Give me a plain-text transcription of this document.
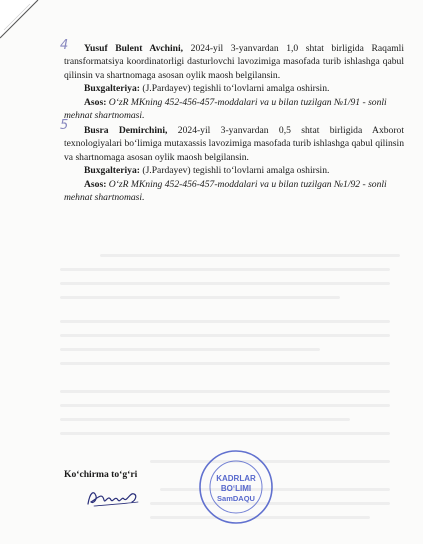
4	Yusuf Bulent Avchini, 2024-yil 3-yanvardan 1,0 shtat birligida Raqamli transformatsiya koordinatorligi dasturlovchi lavozimiga masofada turib ishlashga qabul qilinsin va shartnomaga asosan oylik maosh belgilansin.

Buxgalteriya: (J.Pardayev) tegishli to‘lovlarni amalga oshirsin.

Asos: O‘zR MKning 452-456-457-moddalari va u bilan tuzilgan №1/91 - sonli mehnat shartnomasi.

5	Busra Demirchini, 2024-yil 3-yanvardan 0,5 shtat birligida Axborot texnologiyalari bo‘limiga mutaxassis lavozimiga masofada turib ishlashga qabul qilinsin va shartnomaga asosan oylik maosh belgilansin.

Buxgalteriya: (J.Pardayev) tegishli to‘lovlarni amalga oshirsin.

Asos: O‘zR MKning 452-456-457-moddalari va u bilan tuzilgan №1/92 - sonli mehnat shartnomasi.

Ko‘chirma to‘g‘ri	KADRLAR
BO‘LIMI
SamDAQU
